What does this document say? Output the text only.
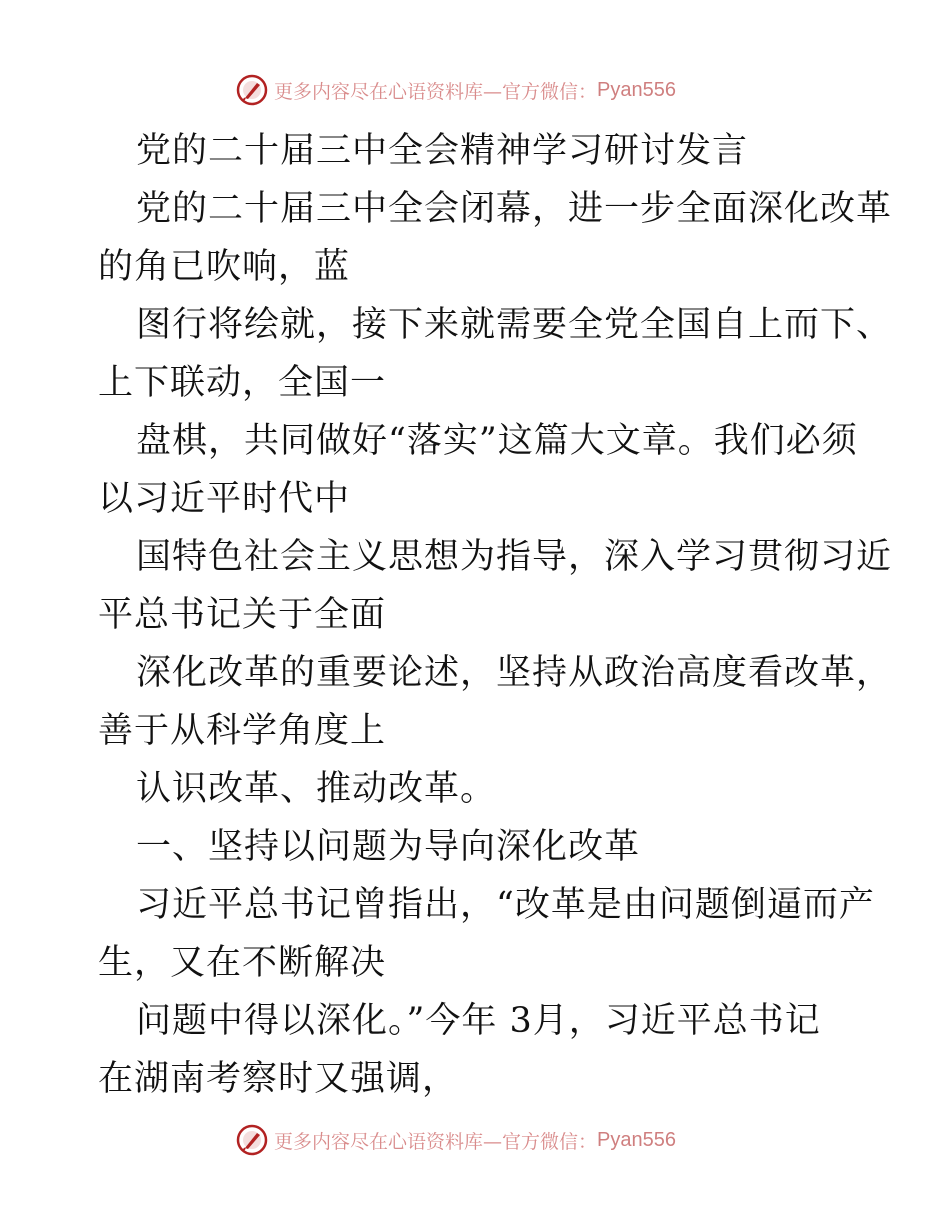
更多内容尽在心语资料库—官方微信： Pyan556
党的二十届三中全会精神学习研讨发言
党的二十届三中全会闭幕，进一步全面深化改革
的角已吹响，蓝
图行将绘就，接下来就需要全党全国自上而下、
上下联动，全国一
盘棋，共同做好“落实”这篇大文章。我们必须
以习近平时代中
国特色社会主义思想为指导，深入学习贯彻习近
平总书记关于全面
深化改革的重要论述，坚持从政治高度看改革，
善于从科学角度上
认识改革、推动改革。
一、坚持以问题为导向深化改革
习近平总书记曾指出，“改革是由问题倒逼而产
生，又在不断解决
问题中得以深化。”今年 3月，习近平总书记
在湖南考察时又强调，
更多内容尽在心语资料库—官方微信： Pyan556
